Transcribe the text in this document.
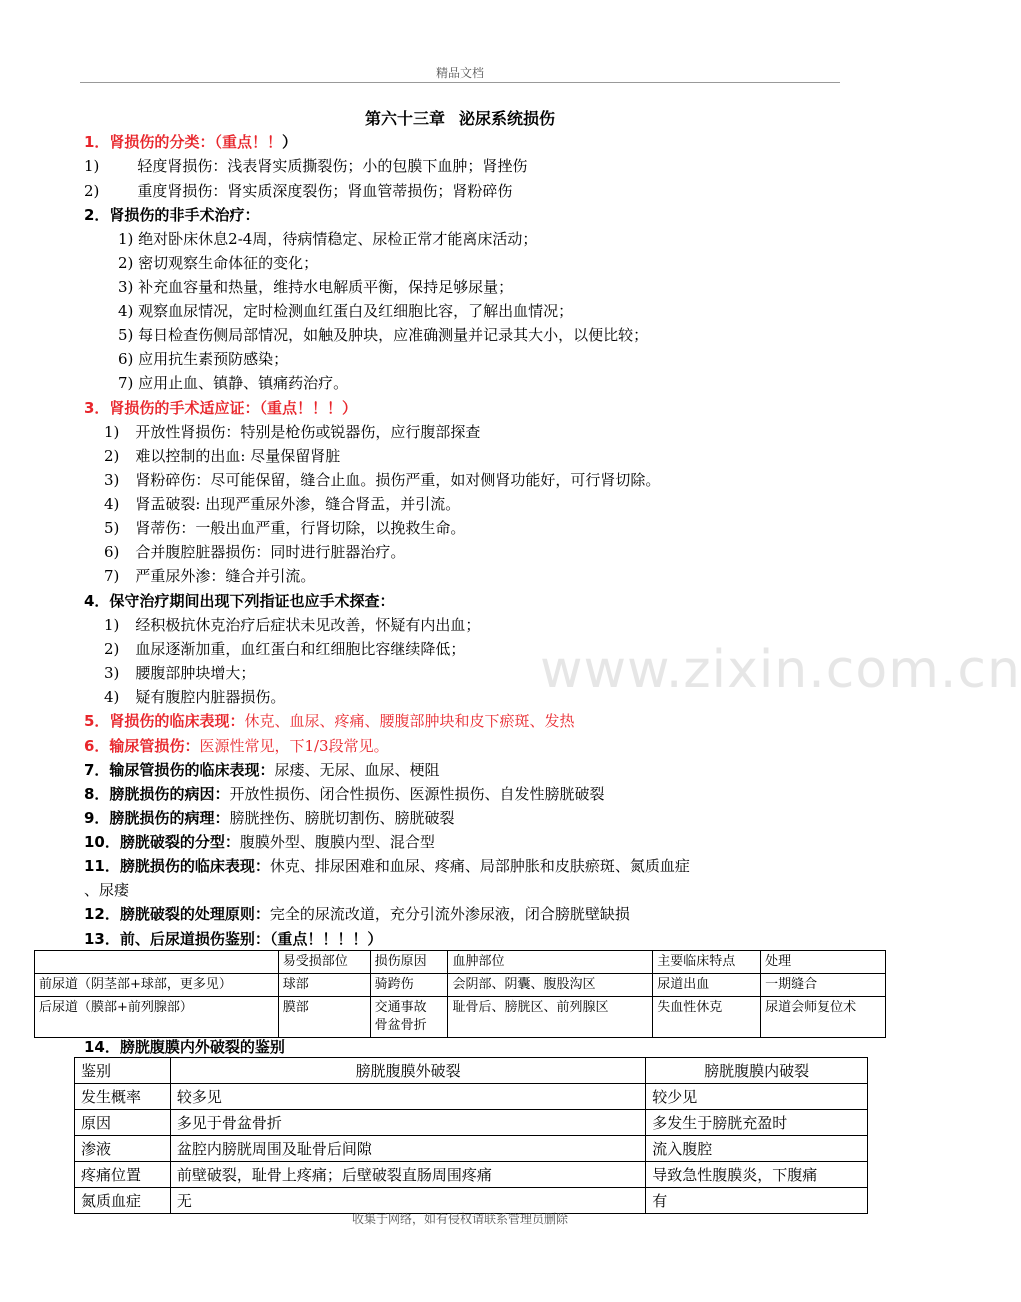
精品文档
www.zixin.com.cn
第六十三章 泌尿系统损伤
1．肾损伤的分类：（重点！！）
1)	轻度肾损伤：浅表肾实质撕裂伤；小的包膜下血肿；肾挫伤
2)	重度肾损伤：肾实质深度裂伤；肾血管蒂损伤；肾粉碎伤
2．肾损伤的非手术治疗：
1) 绝对卧床休息2-4周，待病情稳定、尿检正常才能离床活动；
2) 密切观察生命体征的变化；
3) 补充血容量和热量，维持水电解质平衡，保持足够尿量；
4) 观察血尿情况，定时检测血红蛋白及红细胞比容，了解出血情况；
5) 每日检查伤侧局部情况，如触及肿块，应准确测量并记录其大小，以便比较；
6) 应用抗生素预防感染；
7) 应用止血、镇静、镇痛药治疗。
3．肾损伤的手术适应证：（重点！！！）
1) 开放性肾损伤：特别是枪伤或锐器伤，应行腹部探查
2) 难以控制的出血: 尽量保留肾脏
3) 肾粉碎伤：尽可能保留，缝合止血。损伤严重，如对侧肾功能好，可行肾切除。
4) 肾盂破裂: 出现严重尿外渗，缝合肾盂，并引流。
5) 肾蒂伤：一般出血严重，行肾切除，以挽救生命。
6) 合并腹腔脏器损伤：同时进行脏器治疗。
7) 严重尿外渗：缝合并引流。
4．保守治疗期间出现下列指证也应手术探查：
1) 经积极抗休克治疗后症状未见改善，怀疑有内出血；
2) 血尿逐渐加重，血红蛋白和红细胞比容继续降低；
3) 腰腹部肿块增大；
4) 疑有腹腔内脏器损伤。
5．肾损伤的临床表现：休克、血尿、疼痛、腰腹部肿块和皮下瘀斑、发热
6．输尿管损伤：医源性常见，下1/3段常见。
7．输尿管损伤的临床表现：尿瘘、无尿、血尿、梗阻
8．膀胱损伤的病因：开放性损伤、闭合性损伤、医源性损伤、自发性膀胱破裂
9．膀胱损伤的病理：膀胱挫伤、膀胱切割伤、膀胱破裂
10．膀胱破裂的分型：腹膜外型、腹膜内型、混合型
11．膀胱损伤的临床表现：休克、排尿困难和血尿、疼痛、局部肿胀和皮肤瘀斑、氮质血症
、尿瘘
12．膀胱破裂的处理原则：完全的尿流改道，充分引流外渗尿液，闭合膀胱壁缺损
13．前、后尿道损伤鉴别：（重点！！！！）
	易受损部位	损伤原因	血肿部位	主要临床特点	处理
前尿道（阴茎部+球部，更多见）	球部	骑跨伤	会阴部、阴囊、腹股沟区	尿道出血	一期缝合
后尿道（膜部+前列腺部）	膜部	交通事故 骨盆骨折	耻骨后、膀胱区、前列腺区	失血性休克	尿道会师复位术
14．膀胱腹膜内外破裂的鉴别
鉴别	膀胱腹膜外破裂	膀胱腹膜内破裂
发生概率	较多见	较少见
原因	多见于骨盆骨折	多发生于膀胱充盈时
渗液	盆腔内膀胱周围及耻骨后间隙	流入腹腔
疼痛位置	前壁破裂，耻骨上疼痛；后壁破裂直肠周围疼痛	导致急性腹膜炎，下腹痛
氮质血症	无	有
收集于网络，如有侵权请联系管理员删除
